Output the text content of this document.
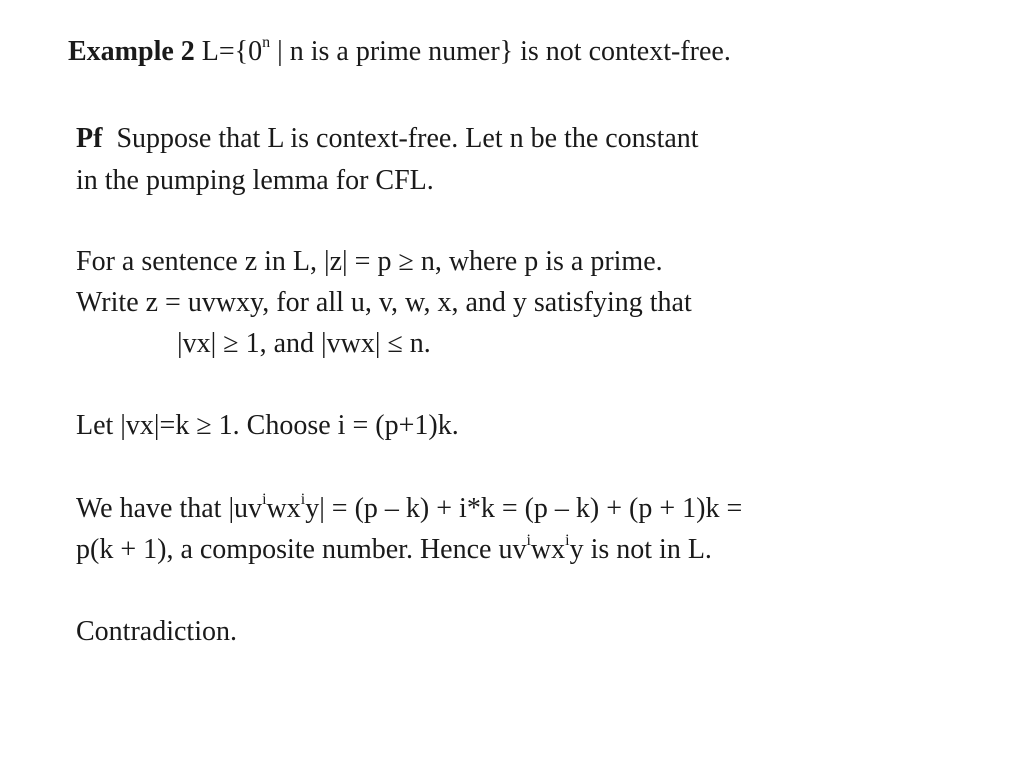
Example 2 $L=\{0^n$ | n is a prime numer} is not context-free.
Pf  Suppose that L is context-free. Let n be the constant
in the pumping lemma for CFL.
For a sentence z in L, |z| = p ≥ n, where p is a prime.
Write z = uvwxy, for all u, v, w, x, and y satisfying that
|vx| ≥ 1, and |vwx| ≤ n.
Let |vx|=k ≥ 1. Choose i = (p+1)k.
We have that $|uv^iwx^iy| = (p - k) + i*k = (p - k) + (p + 1)k$ =
p(k + 1), a composite number. Hence $uv^iwx^iy$ is not in L.
Contradiction.
